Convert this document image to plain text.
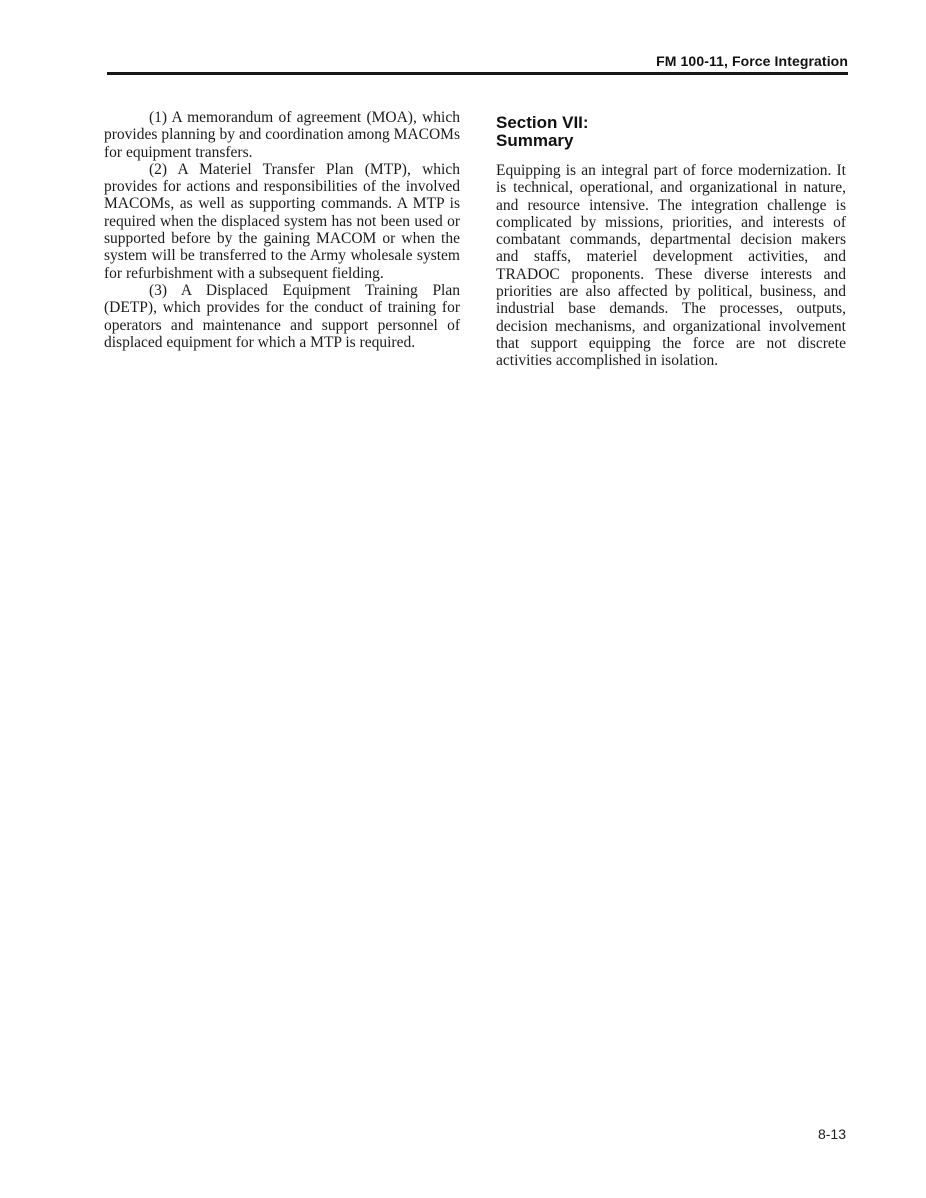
FM 100-11, Force Integration

(1) A memorandum of agreement (MOA), which provides planning by and coordination among MACOMs for equipment transfers.

(2) A Materiel Transfer Plan (MTP), which provides for actions and responsibilities of the involved MACOMs, as well as supporting commands. A MTP is required when the displaced system has not been used or supported before by the gaining MACOM or when the system will be transferred to the Army wholesale system for refurbishment with a subsequent fielding.

(3) A Displaced Equipment Training Plan (DETP), which provides for the conduct of training for operators and maintenance and support personnel of displaced equipment for which a MTP is required.

Section VII:
Summary

Equipping is an integral part of force modernization. It is technical, operational, and organizational in nature, and resource intensive. The integration challenge is complicated by missions, priorities, and interests of combatant commands, departmental decision makers and staffs, materiel development activities, and TRADOC proponents. These diverse interests and priorities are also affected by political, business, and industrial base demands. The processes, outputs, decision mechanisms, and organizational involvement that support equipping the force are not discrete activities accomplished in isolation.

8-13
